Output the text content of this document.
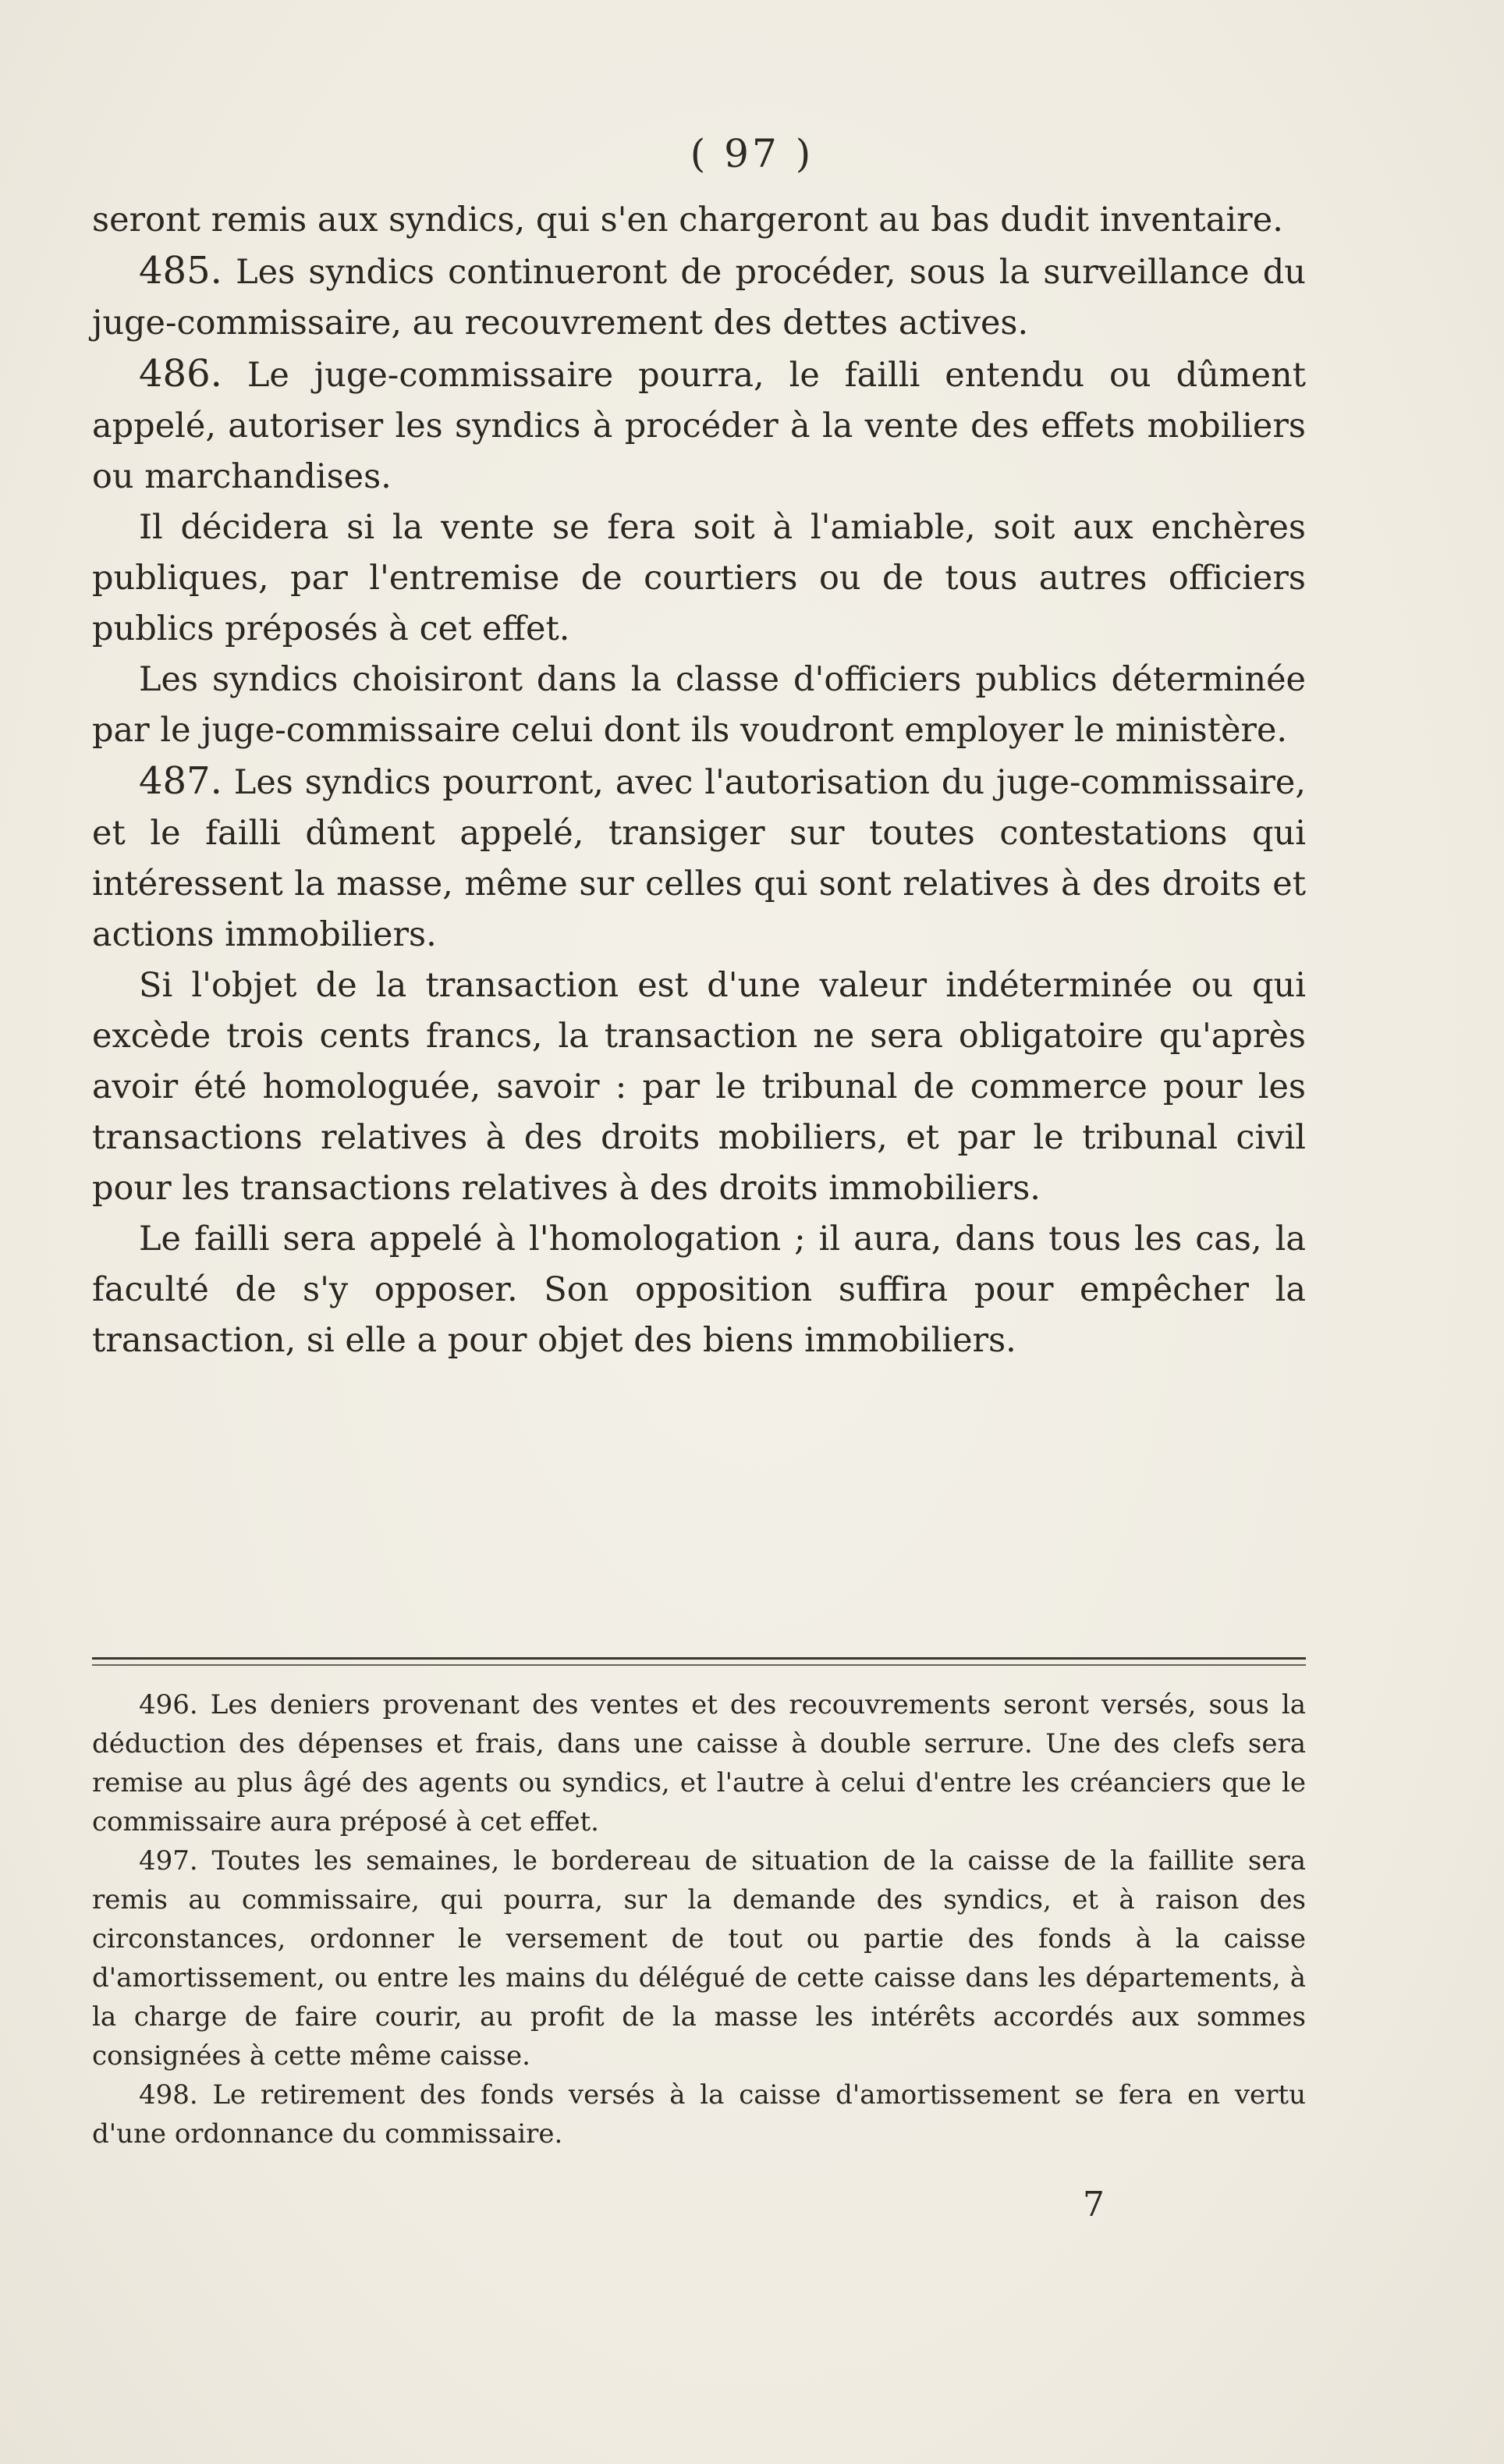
( 97 )

seront remis aux syndics, qui s'en chargeront au bas dudit inventaire.

485. Les syndics continueront de procéder, sous la surveillance du juge-commissaire, au recouvrement des dettes actives.

486. Le juge-commissaire pourra, le failli entendu ou dûment appelé, autoriser les syndics à procéder à la vente des effets mobiliers ou marchandises.

Il décidera si la vente se fera soit à l'amiable, soit aux enchères publiques, par l'entremise de courtiers ou de tous autres officiers publics préposés à cet effet.

Les syndics choisiront dans la classe d'officiers publics déterminée par le juge-commissaire celui dont ils voudront employer le ministère.

487. Les syndics pourront, avec l'autorisation du juge-commissaire, et le failli dûment appelé, transiger sur toutes contestations qui intéressent la masse, même sur celles qui sont relatives à des droits et actions immobiliers.

Si l'objet de la transaction est d'une valeur indéterminée ou qui excède trois cents francs, la transaction ne sera obligatoire qu'après avoir été homologuée, savoir : par le tribunal de commerce pour les transactions relatives à des droits mobiliers, et par le tribunal civil pour les transactions relatives à des droits immobiliers.

Le failli sera appelé à l'homologation ; il aura, dans tous les cas, la faculté de s'y opposer. Son opposition suffira pour empêcher la transaction, si elle a pour objet des biens immobiliers.

496. Les deniers provenant des ventes et des recouvrements seront versés, sous la déduction des dépenses et frais, dans une caisse à double serrure. Une des clefs sera remise au plus âgé des agents ou syndics, et l'autre à celui d'entre les créanciers que le commissaire aura préposé à cet effet.

497. Toutes les semaines, le bordereau de situation de la caisse de la faillite sera remis au commissaire, qui pourra, sur la demande des syndics, et à raison des circonstances, ordonner le versement de tout ou partie des fonds à la caisse d'amortissement, ou entre les mains du délégué de cette caisse dans les départements, à la charge de faire courir, au profit de la masse les intérêts accordés aux sommes consignées à cette même caisse.

498. Le retirement des fonds versés à la caisse d'amortissement se fera en vertu d'une ordonnance du commissaire.

7
